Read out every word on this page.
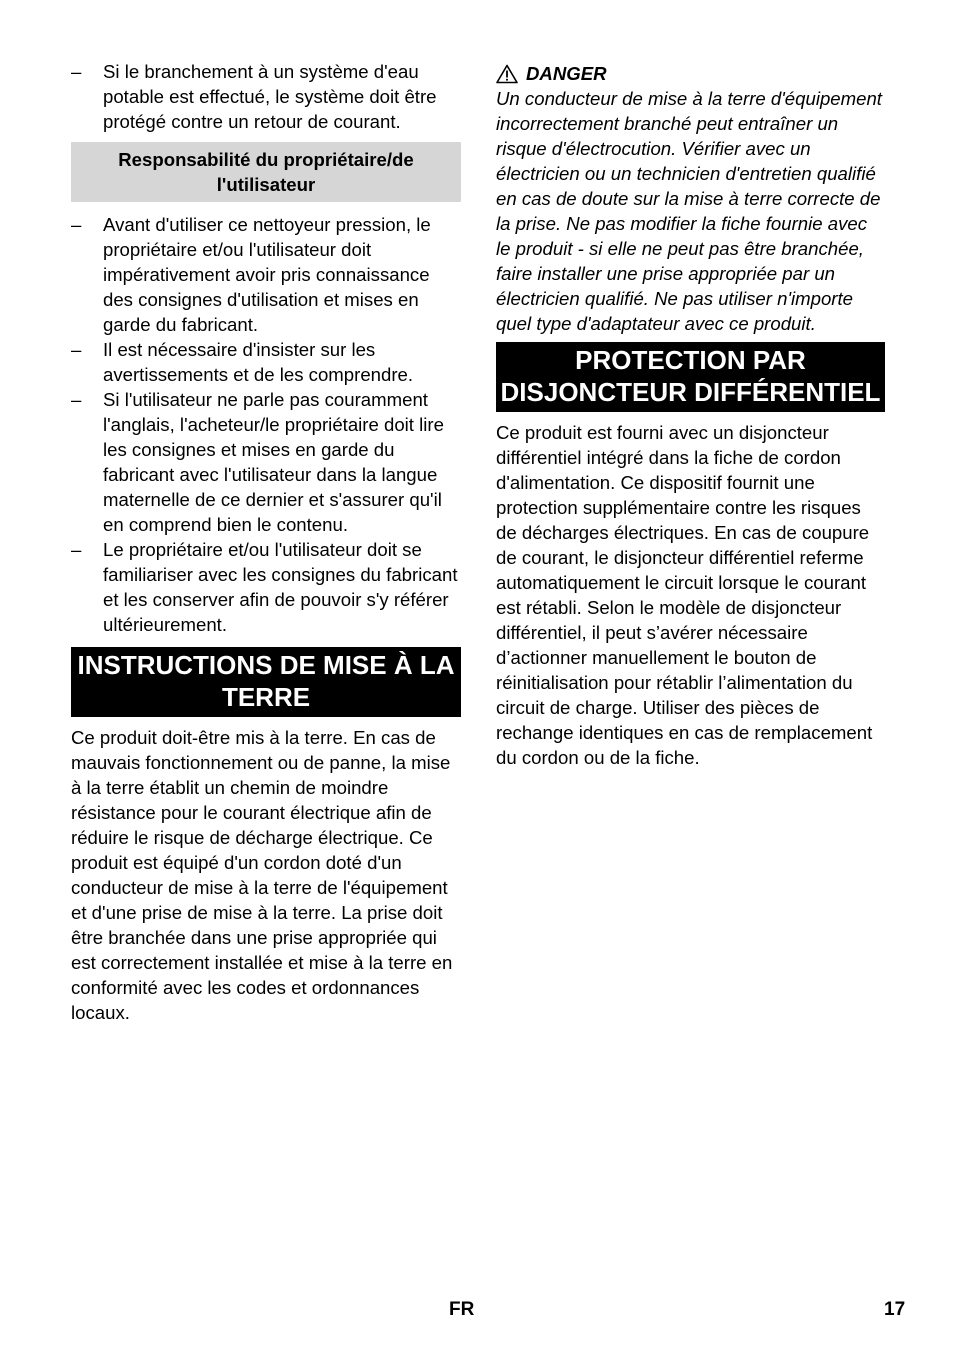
– Si le branchement à un système d'eau potable est effectué, le système doit être protégé contre un retour de courant.
Responsabilité du propriétaire/de l'utilisateur
– Avant d'utiliser ce nettoyeur pression, le propriétaire et/ou l'utilisateur doit impérativement avoir pris connaissance des consignes d'utilisation et mises en garde du fabricant.
– Il est nécessaire d'insister sur les avertissements et de les comprendre.
– Si l'utilisateur ne parle pas couramment l'anglais, l'acheteur/le propriétaire doit lire les consignes et mises en garde du fabricant avec l'utilisateur dans la langue maternelle de ce dernier et s'assurer qu'il en comprend bien le contenu.
– Le propriétaire et/ou l'utilisateur doit se familiariser avec les consignes du fabricant et les conserver afin de pouvoir s'y référer ultérieurement.
INSTRUCTIONS DE MISE À LA TERRE

Ce produit doit-être mis à la terre. En cas de mauvais fonctionnement ou de panne, la mise à la terre établit un chemin de moindre résistance pour le courant électrique afin de réduire le risque de décharge électrique. Ce produit est équipé d'un cordon doté d'un conducteur de mise à la terre de l'équipement et d'une prise de mise à la terre. La prise doit être branchée dans une prise appropriée qui est correctement installée et mise à la terre en conformité avec les codes et ordonnances locaux.

DANGER

Un conducteur de mise à la terre d'équipement incorrectement branché peut entraîner un risque d'électrocution. Vérifier avec un électricien ou un technicien d'entretien qualifié en cas de doute sur la mise à terre correcte de la prise. Ne pas modifier la fiche fournie avec le produit - si elle ne peut pas être branchée, faire installer une prise appropriée par un électricien qualifié. Ne pas utiliser n'importe quel type d'adaptateur avec ce produit.

PROTECTION PAR DISJONCTEUR DIFFÉRENTIEL

Ce produit est fourni avec un disjoncteur différentiel intégré dans la fiche de cordon d'alimentation. Ce dispositif fournit une protection supplémentaire contre les risques de décharges électriques. En cas de coupure de courant, le disjoncteur différentiel referme automatiquement le circuit lorsque le courant est rétabli. Selon le modèle de disjoncteur différentiel, il peut s’avérer nécessaire d’actionner manuellement le bouton de réinitialisation pour rétablir l’alimentation du circuit de charge. Utiliser des pièces de rechange identiques en cas de remplacement du cordon ou de la fiche.

FR	17
